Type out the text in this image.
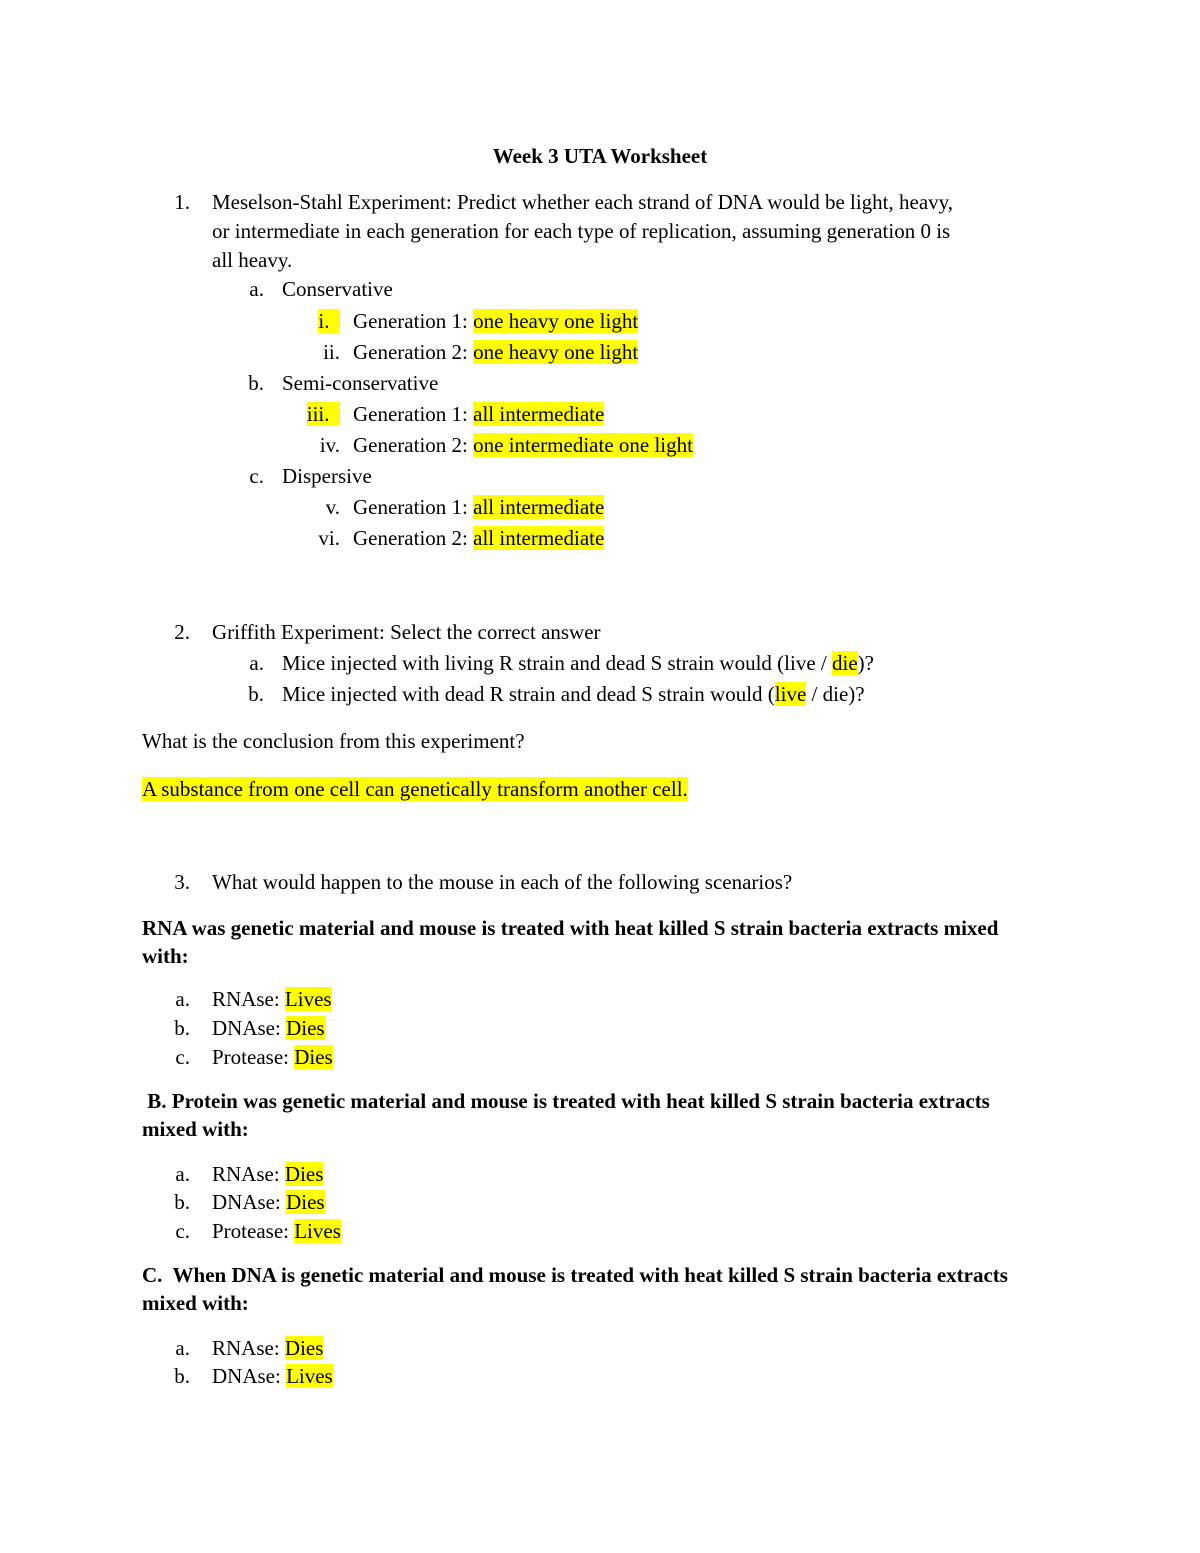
Week 3 UTA Worksheet
1. Meselson-Stahl Experiment: Predict whether each strand of DNA would be light, heavy,
or intermediate in each generation for each type of replication, assuming generation 0 is
all heavy.
a. Conservative
i.	Generation 1: one heavy one light
ii. Generation 2: one heavy one light
b. Semi-conservative
iii.	Generation 1: all intermediate
iv. Generation 2: one intermediate one light
c. Dispersive
v. Generation 1: all intermediate
vi. Generation 2: all intermediate
2. Griffith Experiment: Select the correct answer
a. Mice injected with living R strain and dead S strain would (live / die)?
b. Mice injected with dead R strain and dead S strain would (live / die)?
What is the conclusion from this experiment?
A substance from one cell can genetically transform another cell.
3. What would happen to the mouse in each of the following scenarios?
RNA was genetic material and mouse is treated with heat killed S strain bacteria extracts mixed
with:
a. RNAse: Lives
b. DNAse: Dies
c. Protease: Dies
B. Protein was genetic material and mouse is treated with heat killed S strain bacteria extracts
mixed with:
a. RNAse: Dies
b. DNAse: Dies
c. Protease: Lives
C.  When DNA is genetic material and mouse is treated with heat killed S strain bacteria extracts
mixed with:
a. RNAse: Dies
b. DNAse: Lives
